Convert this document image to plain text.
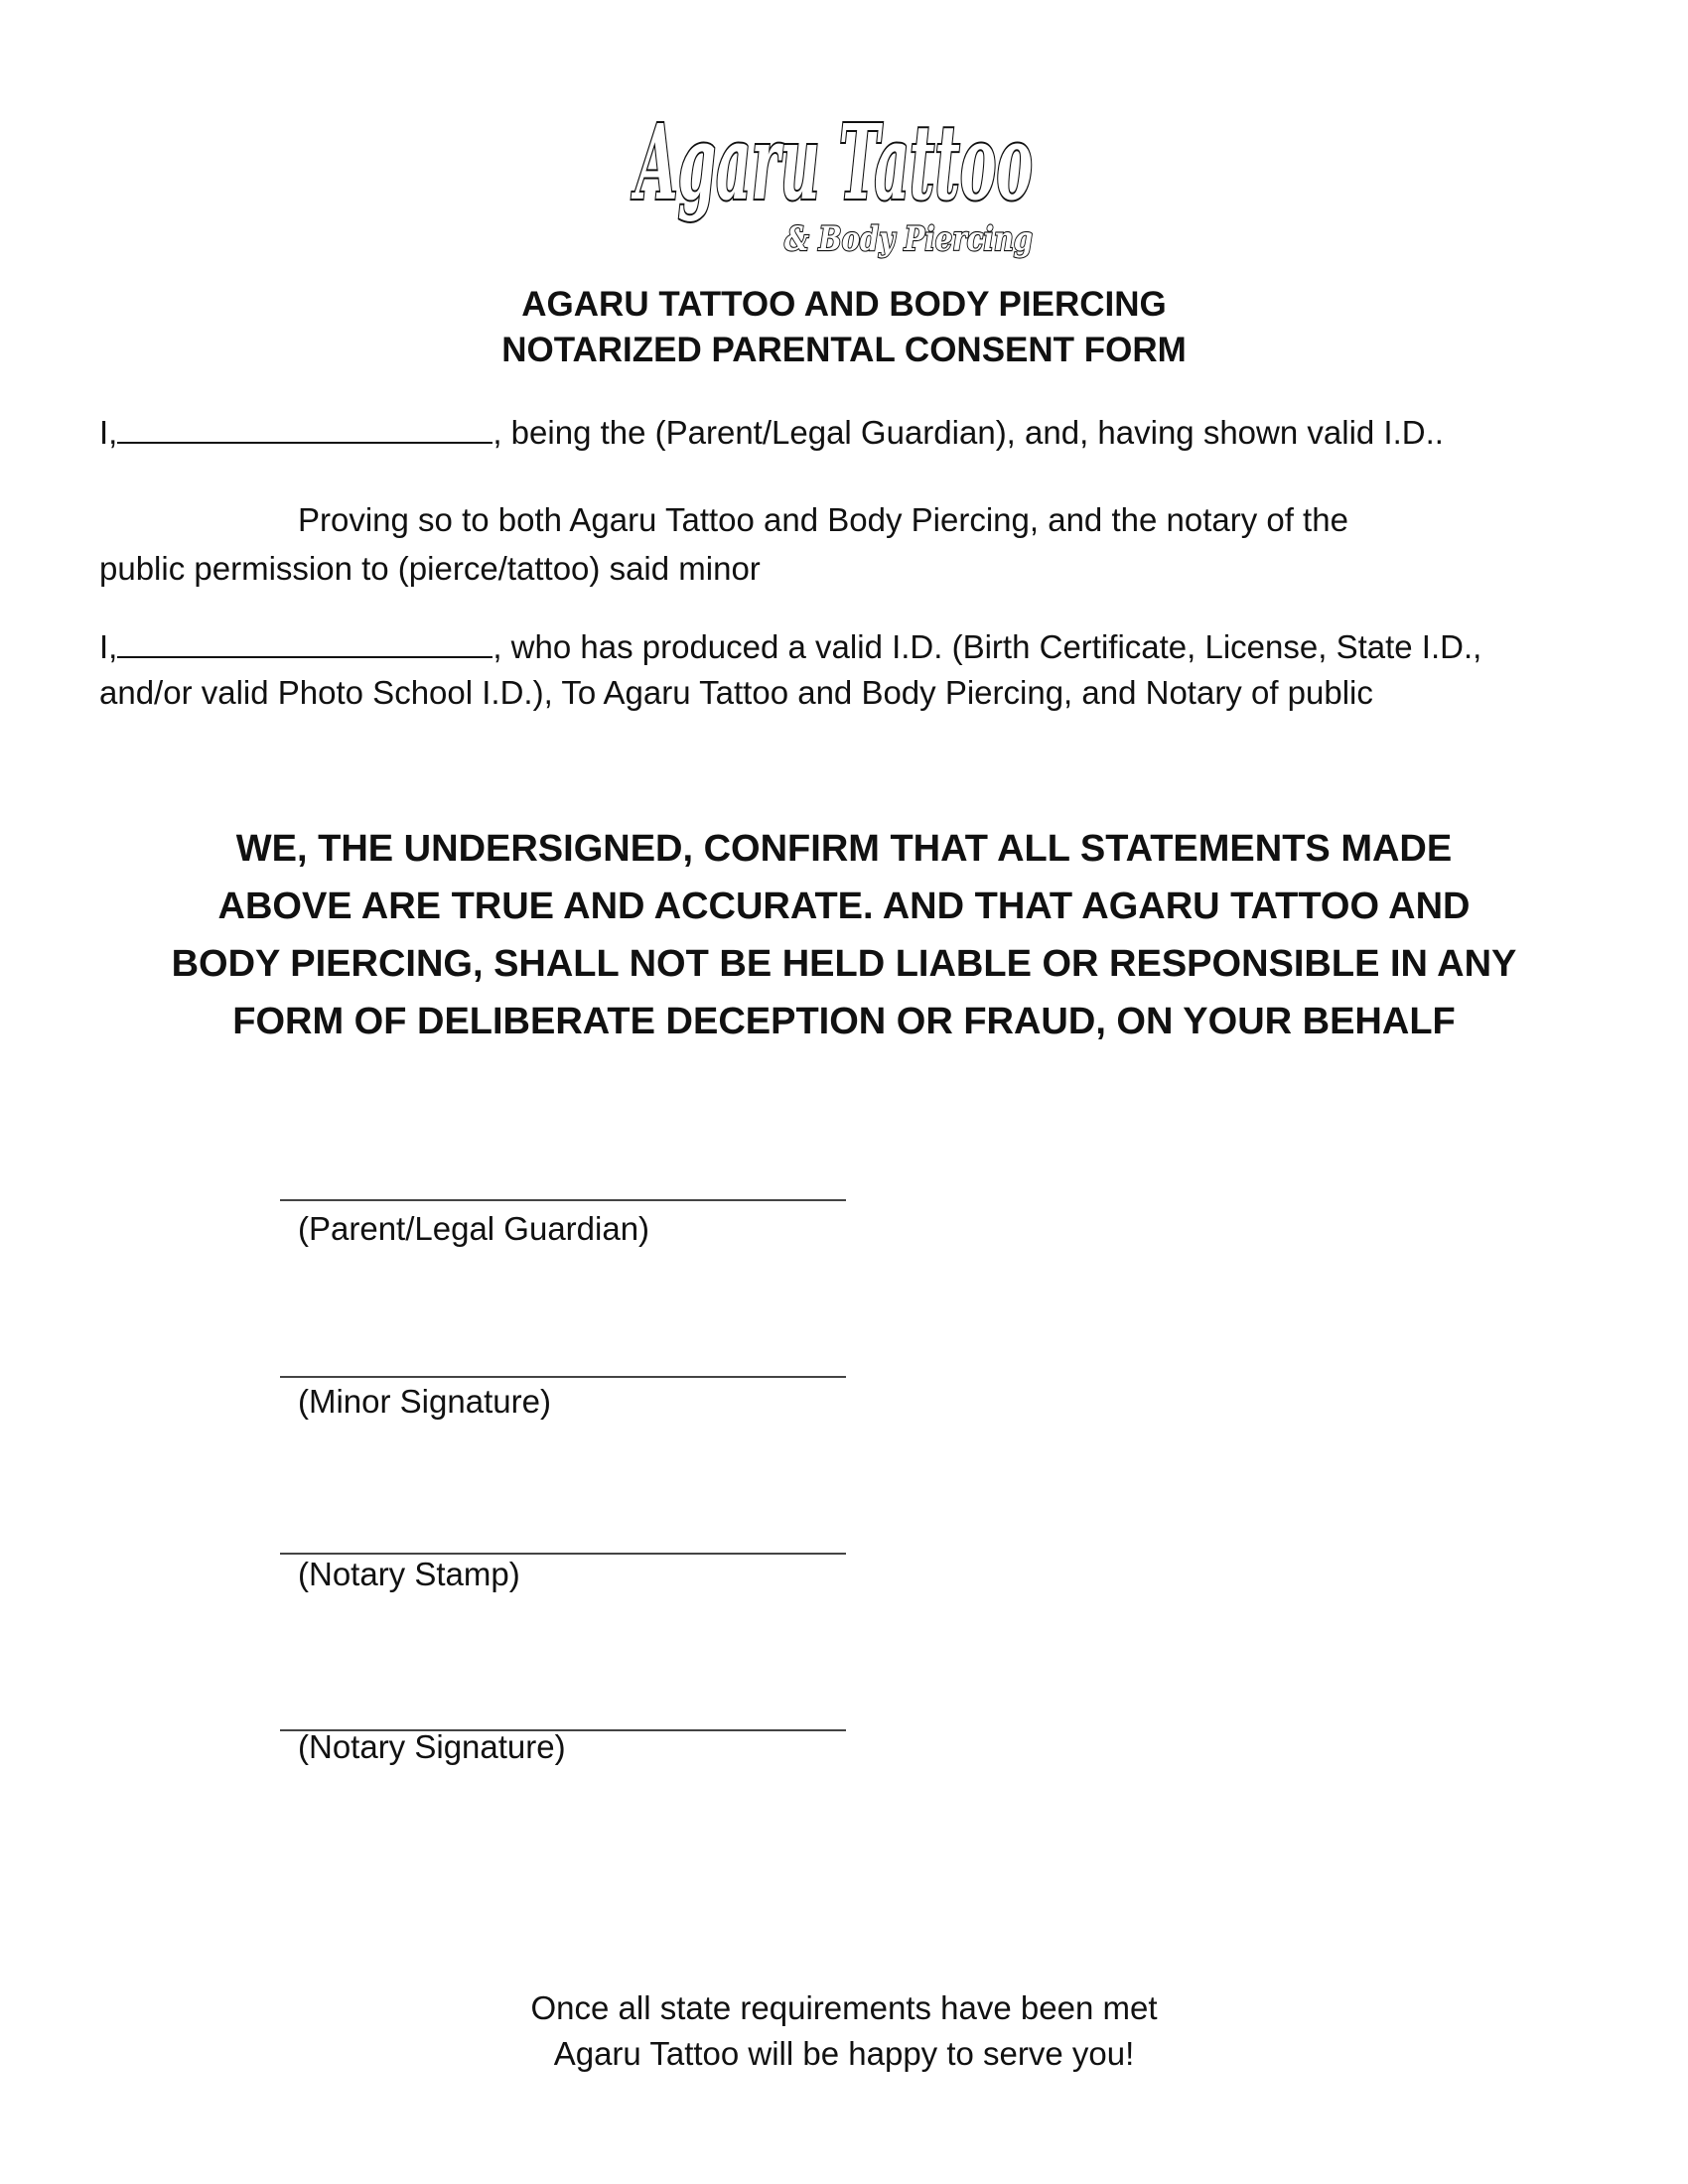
Agaru Tattoo
& Body Piercing
AGARU TATTOO AND BODY PIERCING
NOTARIZED PARENTAL CONSENT FORM
I,	, being the (Parent/Legal Guardian), and, having shown valid I.D..
Proving so to both Agaru Tattoo and Body Piercing, and the notary of the
public permission to (pierce/tattoo) said minor
I,	, who has produced a valid I.D. (Birth Certificate, License, State I.D.,
and/or valid Photo School I.D.), To Agaru Tattoo and Body Piercing, and Notary of public
WE, THE UNDERSIGNED, CONFIRM THAT ALL STATEMENTS MADE
ABOVE ARE TRUE AND ACCURATE. AND THAT AGARU TATTOO AND
BODY PIERCING, SHALL NOT BE HELD LIABLE OR RESPONSIBLE IN ANY
FORM OF DELIBERATE DECEPTION OR FRAUD, ON YOUR BEHALF
(Parent/Legal Guardian)
(Minor Signature)
(Notary Stamp)
(Notary Signature)
Once all state requirements have been met
Agaru Tattoo will be happy to serve you!
